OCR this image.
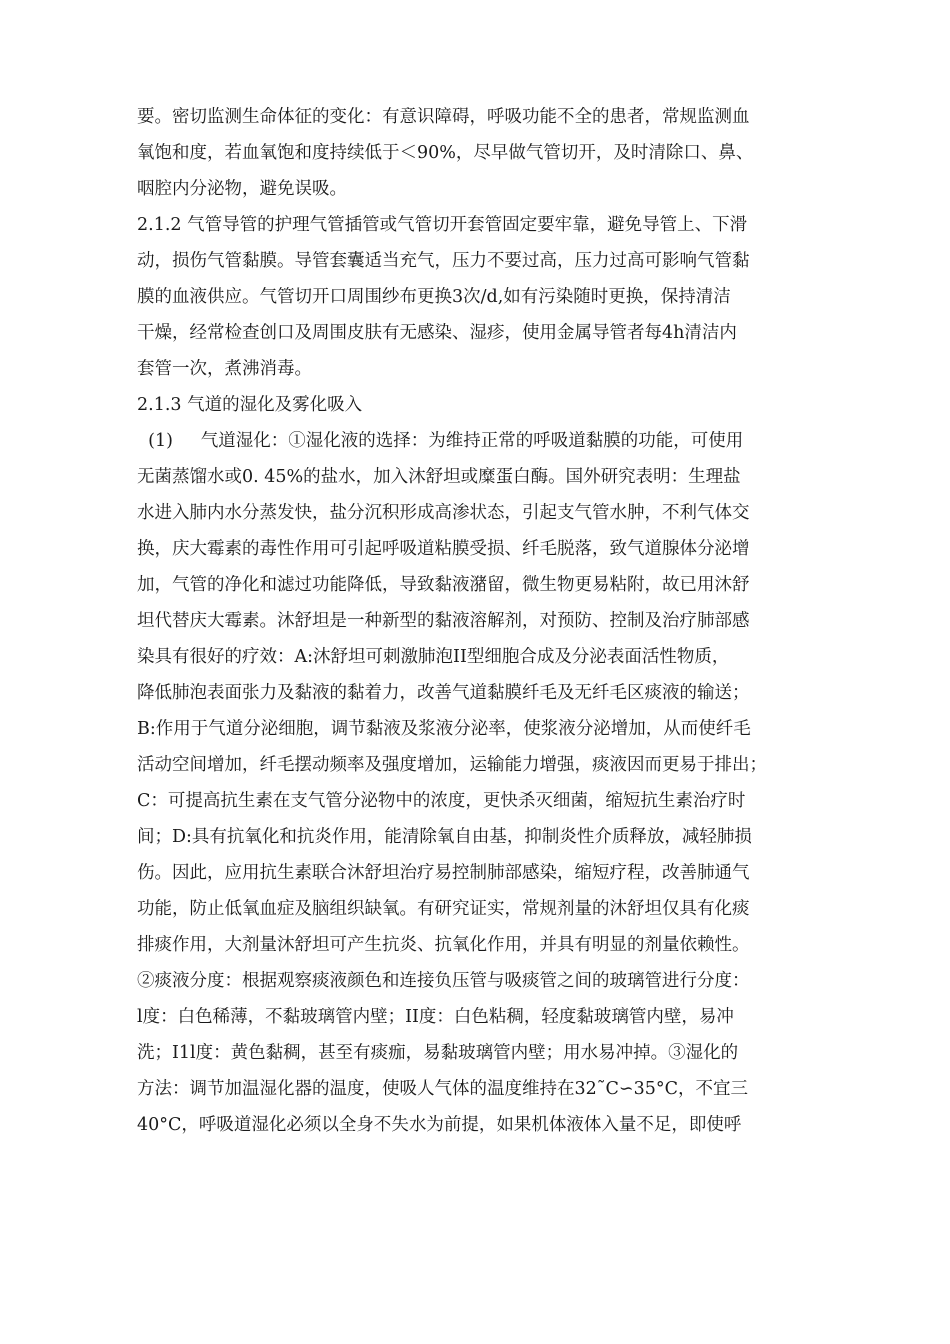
要。密切监测生命体征的变化：有意识障碍，呼吸功能不全的患者，常规监测血
氧饱和度，若血氧饱和度持续低于＜90%，尽早做气管切开，及时清除口、鼻、
咽腔内分泌物，避免误吸。
2.1.2 气管导管的护理气管插管或气管切开套管固定要牢靠，避免导管上、下滑
动，损伤气管黏膜。导管套囊适当充气，压力不要过高，压力过高可影响气管黏
膜的血液供应。气管切开口周围纱布更换3次/d,如有污染随时更换，保持清洁
干燥，经常检查创口及周围皮肤有无感染、湿疹，使用金属导管者每4h清洁内
套管一次，煮沸消毒。
2.1.3 气道的湿化及雾化吸入
(1)     气道湿化：①湿化液的选择：为维持正常的呼吸道黏膜的功能，可使用
无菌蒸馏水或0. 45%的盐水，加入沐舒坦或糜蛋白酶。国外研究表明：生理盐
水进入肺内水分蒸发快，盐分沉积形成高渗状态，引起支气管水肿，不利气体交
换，庆大霉素的毒性作用可引起呼吸道粘膜受损、纤毛脱落，致气道腺体分泌增
加，气管的净化和滤过功能降低，导致黏液潴留，微生物更易粘附，故已用沐舒
坦代替庆大霉素。沐舒坦是一种新型的黏液溶解剂，对预防、控制及治疗肺部感
染具有很好的疗效：A:沐舒坦可刺激肺泡II型细胞合成及分泌表面活性物质，
降低肺泡表面张力及黏液的黏着力，改善气道黏膜纤毛及无纤毛区痰液的输送；
B:作用于气道分泌细胞，调节黏液及浆液分泌率，使浆液分泌增加，从而使纤毛
活动空间增加，纤毛摆动频率及强度增加，运输能力增强，痰液因而更易于排出；
C：可提高抗生素在支气管分泌物中的浓度，更快杀灭细菌，缩短抗生素治疗时
间；D:具有抗氧化和抗炎作用，能清除氧自由基，抑制炎性介质释放，减轻肺损
伤。因此，应用抗生素联合沐舒坦治疗易控制肺部感染，缩短疗程，改善肺通气
功能，防止低氧血症及脑组织缺氧。有研究证实，常规剂量的沐舒坦仅具有化痰
排痰作用，大剂量沐舒坦可产生抗炎、抗氧化作用，并具有明显的剂量依赖性。
②痰液分度：根据观察痰液颜色和连接负压管与吸痰管之间的玻璃管进行分度：
l度：白色稀薄，不黏玻璃管内壁；II度：白色粘稠，轻度黏玻璃管内壁，易冲
洗；I1l度：黄色黏稠，甚至有痰痂，易黏玻璃管内壁；用水易冲掉。③湿化的
方法：调节加温湿化器的温度，使吸人气体的温度维持在32˜C∽35°C，不宜三
40°C，呼吸道湿化必须以全身不失水为前提，如果机体液体入量不足，即使呼
